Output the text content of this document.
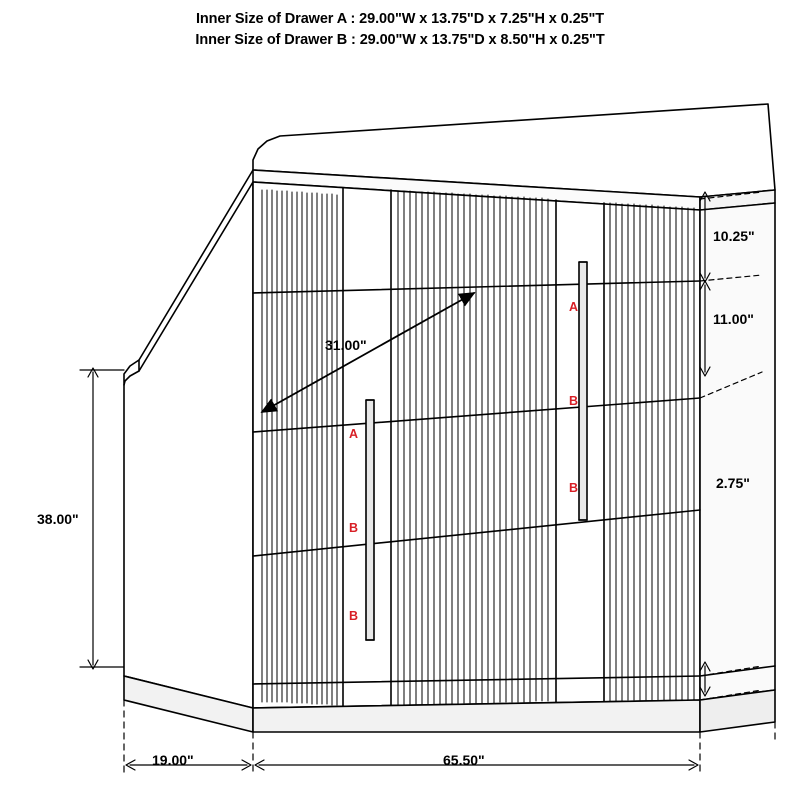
Inner Size of Drawer A : 29.00"W x 13.75"D x 7.25"H x 0.25"T
Inner Size of Drawer B : 29.00"W x 13.75"D x 8.50"H x 0.25"T
31.00"
38.00"
10.25"
11.00"
2.75"
19.00"	65.50"
A
B
B
A
B
B
